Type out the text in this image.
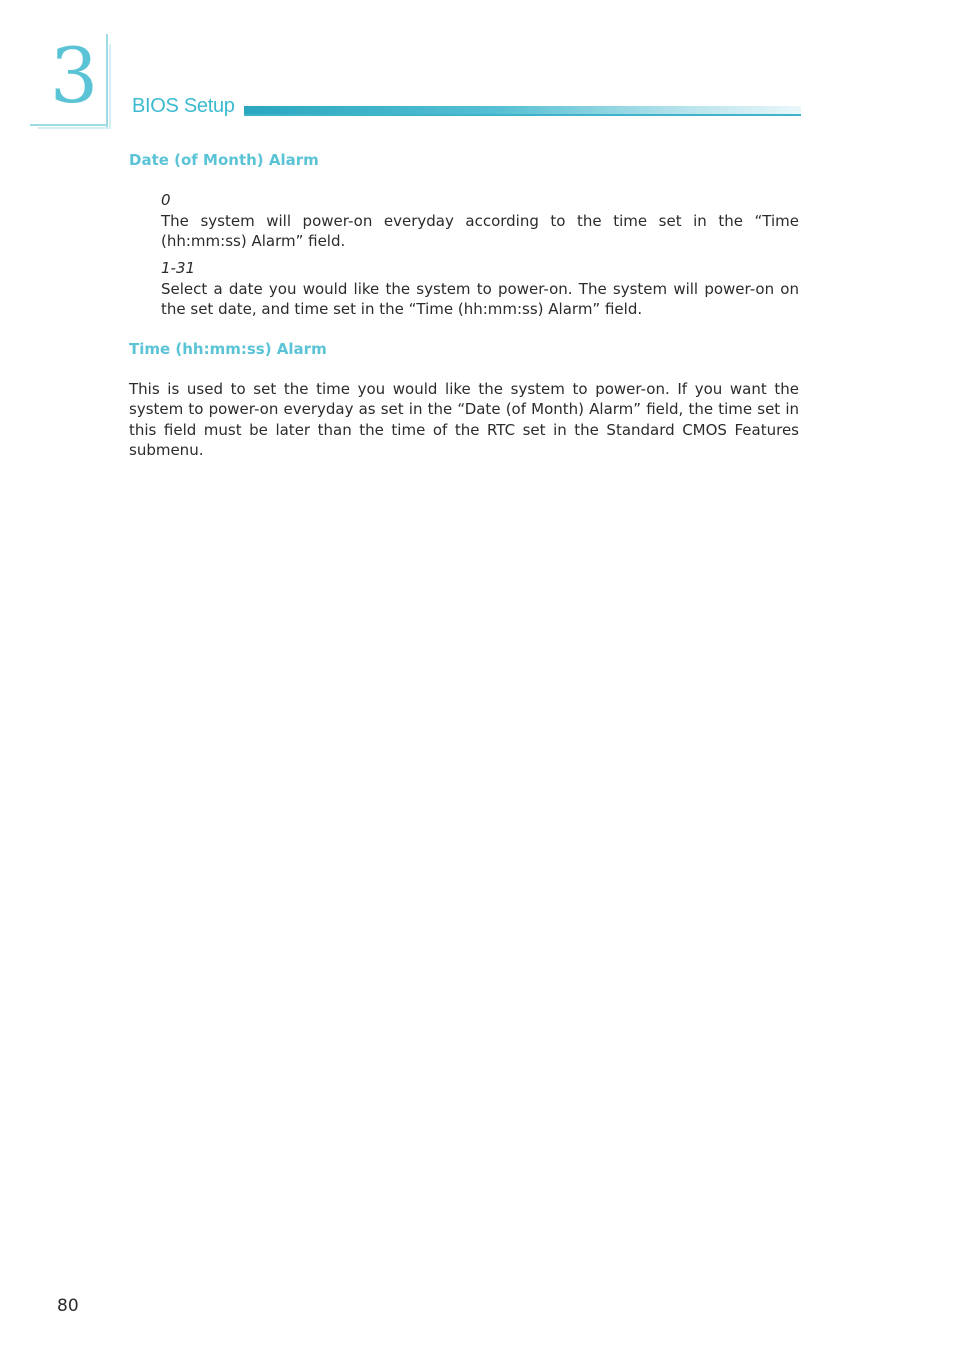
3 BIOS Setup
Date (of Month) Alarm
0
The system will power-on everyday according to the time set in the “Time (hh:mm:ss) Alarm” field.
1-31
Select a date you would like the system to power-on. The system will power-on on the set date, and time set in the “Time (hh:mm:ss) Alarm” field.
Time (hh:mm:ss) Alarm
This is used to set the time you would like the system to power-on. If you want the system to power-on everyday as set in the “Date (of Month) Alarm” field, the time set in this field must be later than the time of the RTC set in the Standard CMOS Features submenu.
80
